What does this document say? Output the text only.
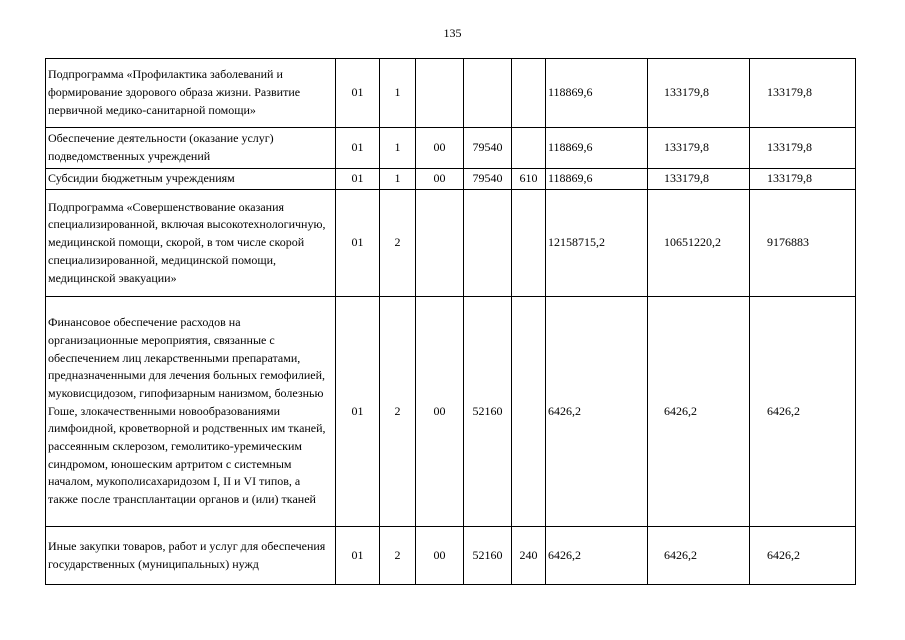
135
Подпрограмма «Профилактика заболеваний и формирование здорового образа жизни. Развитие первичной медико-санитарной помощи»	01	1				118869,6	133179,8	133179,8
Обеспечение деятельности (оказание услуг) подведомственных учреждений	01	1	00	79540		118869,6	133179,8	133179,8
Субсидии бюджетным учреждениям	01	1	00	79540	610	118869,6	133179,8	133179,8
Подпрограмма «Совершенствование оказания специализированной, включая высокотехнологичную, медицинской помощи, скорой, в том числе скорой специализированной, медицинской помощи, медицинской эвакуации»	01	2				12158715,2	10651220,2	9176883
Финансовое обеспечение расходов на организационные мероприятия, связанные с обеспечением лиц лекарственными препаратами, предназначенными для лечения больных гемофилией, муковисцидозом, гипофизарным нанизмом, болезнью Гоше, злокачественными новообразованиями лимфоидной, кроветворной и родственных им тканей, рассеянным склерозом, гемолитико-уремическим синдромом, юношеским артритом с системным началом, мукополисахаридозом I, II и VI типов, а также после трансплантации органов и (или) тканей	01	2	00	52160		6426,2	6426,2	6426,2
Иные закупки товаров, работ и услуг для обеспечения государственных (муниципальных) нужд	01	2	00	52160	240	6426,2	6426,2	6426,2
